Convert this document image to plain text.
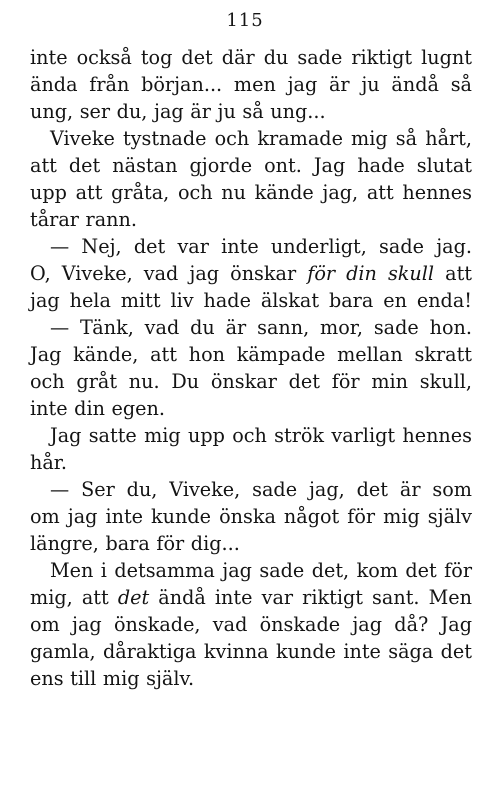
115
inte också tog det där du sade riktigt lugnt
ända från början... men jag är ju ändå så
ung, ser du, jag är ju så ung...
Viveke tystnade och kramade mig så hårt,
att det nästan gjorde ont. Jag hade slutat
upp att gråta, och nu kände jag, att hennes
tårar rann.
— Nej, det var inte underligt, sade jag.
O, Viveke, vad jag önskar för din skull att
jag hela mitt liv hade älskat bara en enda!
— Tänk, vad du är sann, mor, sade hon.
Jag kände, att hon kämpade mellan skratt
och gråt nu. Du önskar det för min skull,
inte din egen.
Jag satte mig upp och strök varligt hennes
hår.
— Ser du, Viveke, sade jag, det är som
om jag inte kunde önska något för mig själv
längre, bara för dig...
Men i detsamma jag sade det, kom det för
mig, att det ändå inte var riktigt sant. Men
om jag önskade, vad önskade jag då? Jag
gamla, dåraktiga kvinna kunde inte säga det
ens till mig själv.
